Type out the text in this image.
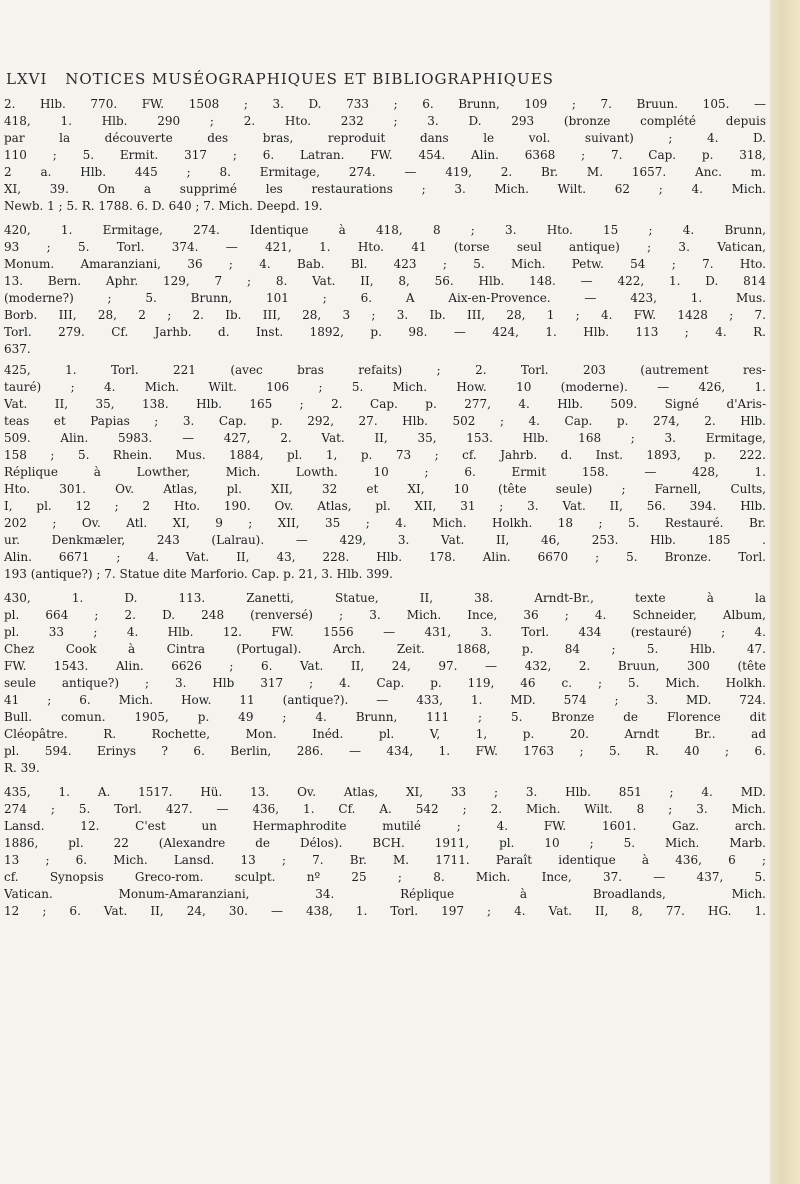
LXVI NOTICES MUSÉOGRAPHIQUES ET BIBLIOGRAPHIQUES
2. Hlb. 770. FW. 1508 ; 3. D. 733 ; 6. Brunn, 109 ; 7. Bruun. 105. —
418, 1. Hlb. 290 ; 2. Hto. 232 ; 3. D. 293 (bronze complété depuis
par la découverte des bras, reproduit dans le vol. suivant) ; 4. D.
110 ; 5. Ermit. 317 ; 6. Latran. FW. 454. Alin. 6368 ; 7. Cap. p. 318,
2 a. Hlb. 445 ; 8. Ermitage, 274. — 419, 2. Br. M. 1657. Anc. m.
XI, 39. On a supprimé les restaurations ; 3. Mich. Wilt. 62 ; 4. Mich.
Newb. 1 ; 5. R. 1788. 6. D. 640 ; 7. Mich. Deepd. 19.
420, 1. Ermitage, 274. Identique à 418, 8 ; 3. Hto. 15 ; 4. Brunn,
93 ; 5. Torl. 374. — 421, 1. Hto. 41 (torse seul antique) ; 3. Vatican,
Monum. Amaranziani, 36 ; 4. Bab. Bl. 423 ; 5. Mich. Petw. 54 ; 7. Hto.
13. Bern. Aphr. 129, 7 ; 8. Vat. II, 8, 56. Hlb. 148. — 422, 1. D. 814
(moderne?) ; 5. Brunn, 101 ; 6. A Aix-en-Provence. — 423, 1. Mus.
Borb. III, 28, 2 ; 2. Ib. III, 28, 3 ; 3. Ib. III, 28, 1 ; 4. FW. 1428 ; 7.
Torl. 279. Cf. Jarhb. d. Inst. 1892, p. 98. — 424, 1. Hlb. 113 ; 4. R.
637.
425, 1. Torl. 221 (avec bras refaits) ; 2. Torl. 203 (autrement res-
tauré) ; 4. Mich. Wilt. 106 ; 5. Mich. How. 10 (moderne). — 426, 1.
Vat. II, 35, 138. Hlb. 165 ; 2. Cap. p. 277, 4. Hlb. 509. Signé d'Aris-
teas et Papias ; 3. Cap. p. 292, 27. Hlb. 502 ; 4. Cap. p. 274, 2. Hlb.
509. Alin. 5983. — 427, 2. Vat. II, 35, 153. Hlb. 168 ; 3. Ermitage,
158 ; 5. Rhein. Mus. 1884, pl. 1, p. 73 ; cf. Jahrb. d. Inst. 1893, p. 222.
Réplique à Lowther, Mich. Lowth. 10 ; 6. Ermit 158. — 428, 1.
Hto. 301. Ov. Atlas, pl. XII, 32 et XI, 10 (tête seule) ; Farnell, Cults,
I, pl. 12 ; 2 Hto. 190. Ov. Atlas, pl. XII, 31 ; 3. Vat. II, 56. 394. Hlb.
202 ; Ov. Atl. XI, 9 ; XII, 35 ; 4. Mich. Holkh. 18 ; 5. Restauré. Br.
ur. Denkmæler, 243 (Lalrau). — 429, 3. Vat. II, 46, 253. Hlb. 185 .
Alin. 6671 ; 4. Vat. II, 43, 228. Hlb. 178. Alin. 6670 ; 5. Bronze. Torl.
193 (antique?) ; 7. Statue dite Marforio. Cap. p. 21, 3. Hlb. 399.
430, 1. D. 113. Zanetti, Statue, II, 38. Arndt-Br., texte à la
pl. 664 ; 2. D. 248 (renversé) ; 3. Mich. Ince, 36 ; 4. Schneider, Album,
pl. 33 ; 4. Hlb. 12. FW. 1556 — 431, 3. Torl. 434 (restauré) ; 4.
Chez Cook à Cintra (Portugal). Arch. Zeit. 1868, p. 84 ; 5. Hlb. 47.
FW. 1543. Alin. 6626 ; 6. Vat. II, 24, 97. — 432, 2. Bruun, 300 (tête
seule antique?) ; 3. Hlb 317 ; 4. Cap. p. 119, 46 c. ; 5. Mich. Holkh.
41 ; 6. Mich. How. 11 (antique?). — 433, 1. MD. 574 ; 3. MD. 724.
Bull. comun. 1905, p. 49 ; 4. Brunn, 111 ; 5. Bronze de Florence dit
Cléopâtre. R. Rochette, Mon. Inéd. pl. V, 1, p. 20. Arndt Br.. ad
pl. 594. Erinys ? 6. Berlin, 286. — 434, 1. FW. 1763 ; 5. R. 40 ; 6.
R. 39.
435, 1. A. 1517. Hü. 13. Ov. Atlas, XI, 33 ; 3. Hlb. 851 ; 4. MD.
274 ; 5. Torl. 427. — 436, 1. Cf. A. 542 ; 2. Mich. Wilt. 8 ; 3. Mich.
Lansd. 12. C'est un Hermaphrodite mutilé ; 4. FW. 1601. Gaz. arch.
1886, pl. 22 (Alexandre de Délos). BCH. 1911, pl. 10 ; 5. Mich. Marb.
13 ; 6. Mich. Lansd. 13 ; 7. Br. M. 1711. Paraît identique à 436, 6 ;
cf. Synopsis Greco-rom. sculpt. nº 25 ; 8. Mich. Ince, 37. — 437, 5.
Vatican. Monum-Amaranziani, 34. Réplique à Broadlands, Mich.
12 ; 6. Vat. II, 24, 30. — 438, 1. Torl. 197 ; 4. Vat. II, 8, 77. HG. 1.
